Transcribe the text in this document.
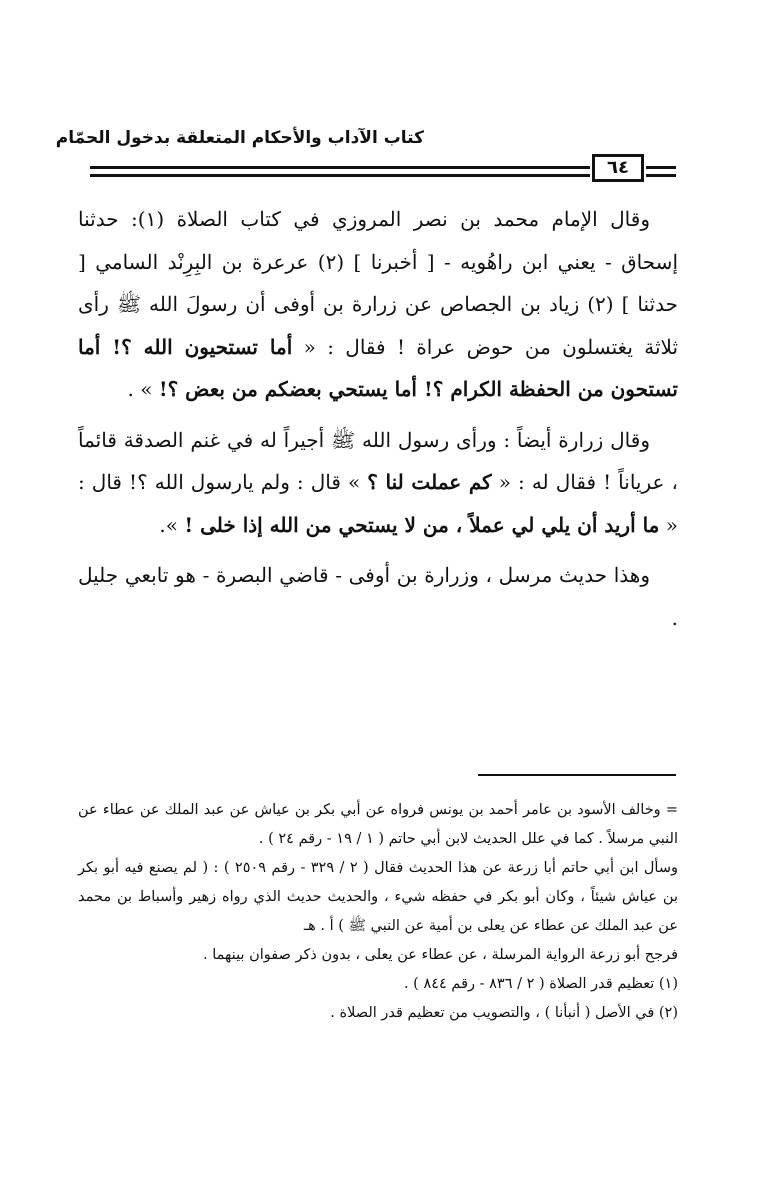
كتاب الآداب والأحكام المتعلقة بدخول الحمّام
٦٤
وقال الإمام محمد بن نصر المروزي في كتاب الصلاة (١): حدثنا إسحاق - يعني ابن راهُويه - [ أخبرنا ] (٢) عرعرة بن البِرِنْد السامي [ حدثنا ] (٢) زياد بن الجصاص عن زرارة بن أوفى أن رسولَ الله ﷺ رأى ثلاثة يغتسلون من حوض عراة ! فقال : « أما تستحيون الله ؟! أما تستحون من الحفظة الكرام ؟! أما يستحي بعضكم من بعض ؟! » .
وقال زرارة أيضاً : ورأى رسول الله ﷺ أجيراً له في غنم الصدقة قائماً ، عرياناً ! فقال له : « كم عملت لنا ؟ » قال : ولم يارسول الله ؟! قال : « ما أريد أن يلي لي عملاً ، من لا يستحي من الله إذا خلى ! ».
وهذا حديث مرسل ، وزرارة بن أوفى - قاضي البصرة - هو تابعي جليل .

= وخالف الأسود بن عامر أحمد بن يونس فرواه عن أبي بكر بن عياش عن عبد الملك عن عطاء عن النبي مرسلاً . كما في علل الحديث لابن أبي حاتم ( ١ / ١٩ - رقم ٢٤ ) .

وسأل ابن أبي حاتم أبا زرعة عن هذا الحديث فقال ( ٢ / ٣٢٩ - رقم ٢٥٠٩ ) : ( لم يصنع فيه أبو بكر بن عياش شيئاً ، وكان أبو بكر في حفظه شيء ، والحديث حديث الذي رواه زهير وأسباط بن محمد عن عبد الملك عن عطاء عن يعلى بن أمية عن النبي ﷺ ) أ . هـ

فرجح أبو زرعة الرواية المرسلة ، عن عطاء عن يعلى ، بدون ذكر صفوان بينهما .

(١) تعظيم قدر الصلاة ( ٢ / ٨٣٦ - رقم ٨٤٤ ) .

(٢) في الأصل ( أنبأنا ) ، والتصويب من تعظيم قدر الصلاة .
